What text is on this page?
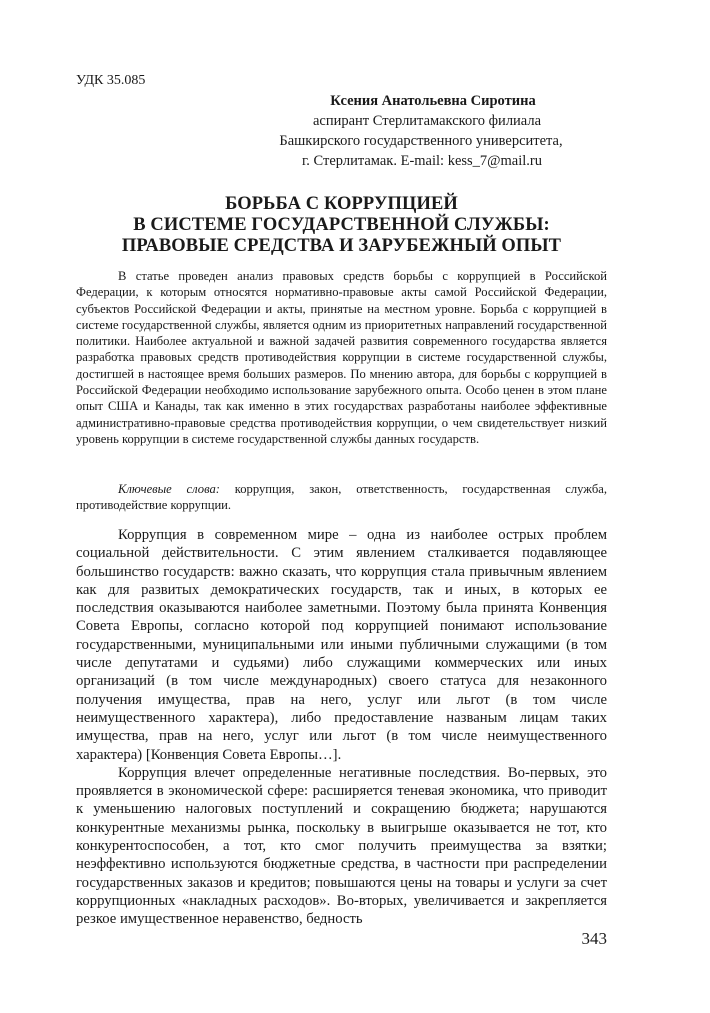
УДК 35.085
Ксения Анатольевна Сиротина
аспирант Стерлитамакского филиала
Башкирского государственного университета,
г. Стерлитамак. E-mail: kess_7@mail.ru
БОРЬБА С КОРРУПЦИЕЙ
В СИСТЕМЕ ГОСУДАРСТВЕННОЙ СЛУЖБЫ:
ПРАВОВЫЕ СРЕДСТВА И ЗАРУБЕЖНЫЙ ОПЫТ

В статье проведен анализ правовых средств борьбы с коррупцией в Российской Федерации, к которым относятся нормативно-правовые акты самой Российской Федерации, субъектов Российской Федерации и акты, принятые на местном уровне. Борьба с коррупцией в системе государственной службы, является одним из приоритетных направлений государственной политики. Наиболее актуальной и важной задачей развития современного государства является разработка правовых средств противодействия коррупции в системе государственной службы, достигшей в настоящее время больших размеров. По мнению автора, для борьбы с коррупцией в Российской Федерации необходимо использование зарубежного опыта. Особо ценен в этом плане опыт США и Канады, так как именно в этих государствах разработаны наиболее эффективные административно-правовые средства противодействия коррупции, о чем свидетельствует низкий уровень коррупции в системе государственной службы данных государств.

Ключевые слова: коррупция, закон, ответственность, государственная служба, противодействие коррупции.

Коррупция в современном мире – одна из наиболее острых проблем социальной действительности. С этим явлением сталкивается подавляющее большинство государств: важно сказать, что коррупция стала привычным явлением как для развитых демократических государств, так и иных, в которых ее последствия оказываются наиболее заметными. Поэтому была принята Конвенция Совета Европы, согласно которой под коррупцией понимают использование государственными, муниципальными или иными публичными служащими (в том числе депутатами и судьями) либо служащими коммерческих или иных организаций (в том числе международных) своего статуса для незаконного получения имущества, прав на него, услуг или льгот (в том числе неимущественного характера), либо предоставление названым лицам таких имущества, прав на него, услуг или льгот (в том числе неимущественного характера) [Конвенция Совета Европы…].

Коррупция влечет определенные негативные последствия. Во-первых, это проявляется в экономической сфере: расширяется теневая экономика, что приводит к уменьшению налоговых поступлений и сокращению бюджета; нарушаются конкурентные механизмы рынка, поскольку в выигрыше оказывается не тот, кто конкурентоспособен, а тот, кто смог получить преимущества за взятки; неэффективно используются бюджетные средства, в частности при распределении государственных заказов и кредитов; повышаются цены на товары и услуги за счет коррупционных «накладных расходов». Во-вторых, увеличивается и закрепляется резкое имущественное неравенство, бедность

343
